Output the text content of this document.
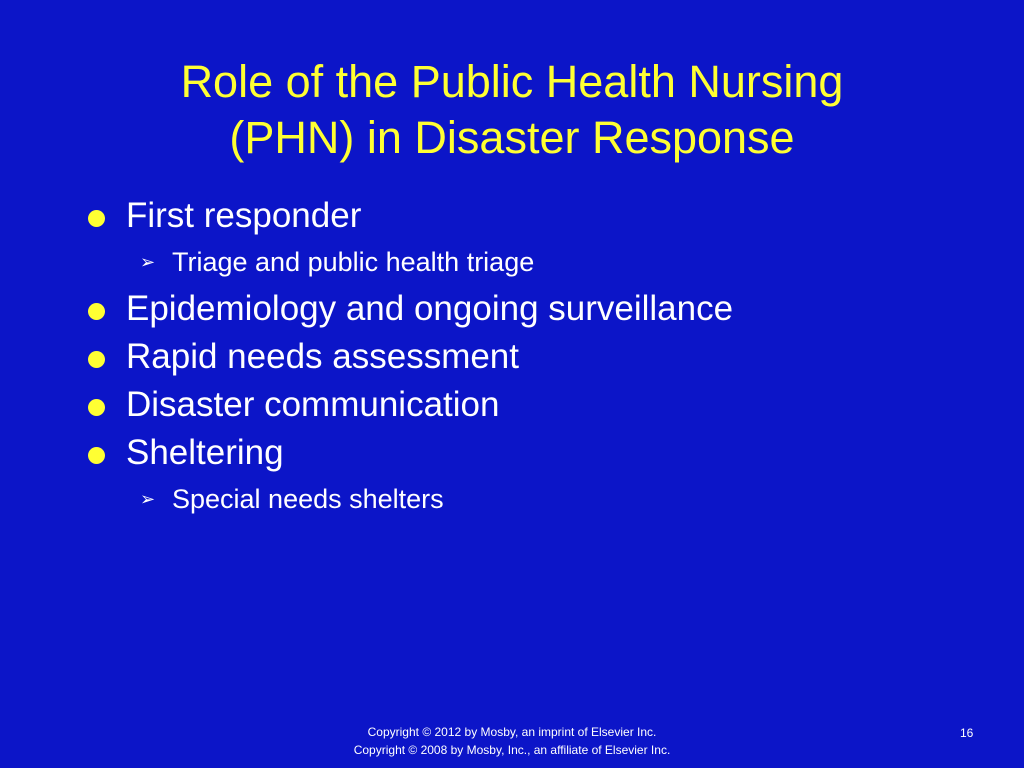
Role of the Public Health Nursing
(PHN) in Disaster Response
First responder
➢ Triage and public health triage
Epidemiology and ongoing surveillance
Rapid needs assessment
Disaster communication
Sheltering
➢ Special needs shelters
Copyright © 2012 by Mosby, an imprint of Elsevier Inc.
Copyright © 2008 by Mosby, Inc., an affiliate of Elsevier Inc.
16
